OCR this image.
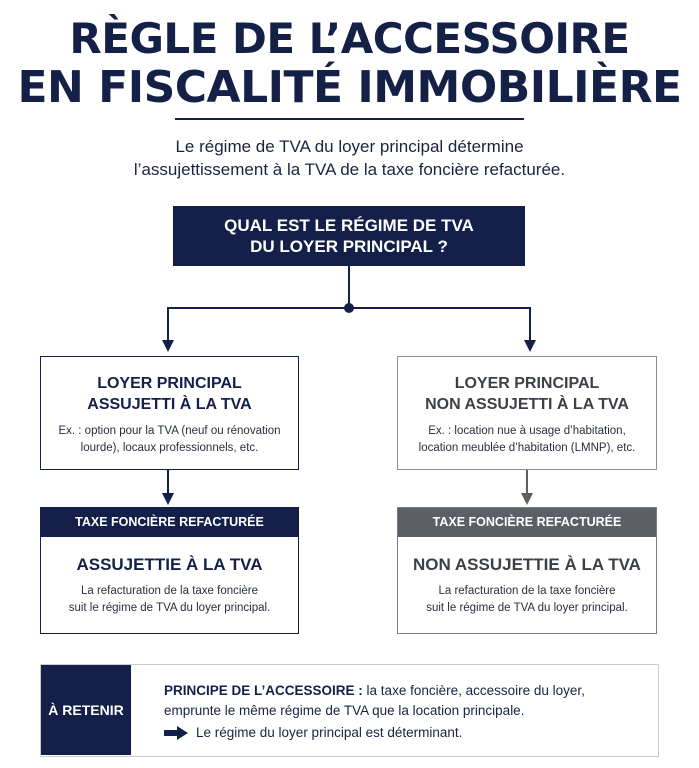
RÈGLE DE L’ACCESSOIRE
EN FISCALITÉ IMMOBILIÈRE
Le régime de TVA du loyer principal détermine
l’assujettissement à la TVA de la taxe foncière refacturée.
QUAL EST LE RÉGIME DE TVA
DU LOYER PRINCIPAL ?
LOYER PRINCIPAL
ASSUJETTI À LA TVA
Ex. : option pour la TVA (neuf ou rénovation
lourde), locaux professionnels, etc.
LOYER PRINCIPAL
NON ASSUJETTI À LA TVA
Ex. : location nue à usage d’habitation,
location meublée d’habitation (LMNP), etc.
TAXE FONCIÈRE REFACTURÉE
ASSUJETTIE À LA TVA
La refacturation de la taxe foncière
suit le régime de TVA du loyer principal.
TAXE FONCIÈRE REFACTURÉE
NON ASSUJETTIE À LA TVA
La refacturation de la taxe foncière
suit le régime de TVA du loyer principal.
À RETENIR
PRINCIPE DE L’ACCESSOIRE : la taxe foncière, accessoire du loyer,
emprunte le même régime de TVA que la location principale.
Le régime du loyer principal est déterminant.
